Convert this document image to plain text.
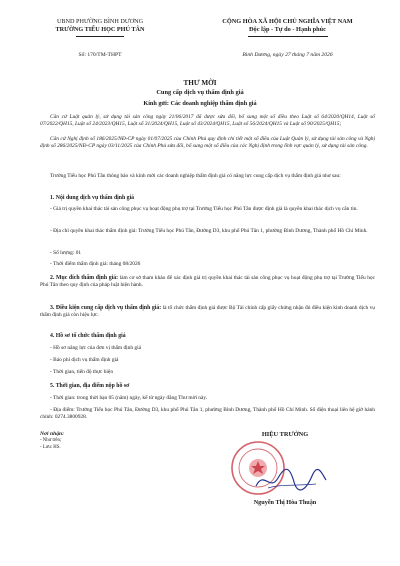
UBND PHƯỜNG BÌNH DƯƠNG
TRƯỜNG TIỂU HỌC PHÚ TÂN
CỘNG HÒA XÃ HỘI CHỦ NGHĨA VIỆT NAM
Độc lập - Tự do - Hạnh phúc
Số: 170/TM-THPT	Bình Dương, ngày 27 tháng 7 năm 2026
THƯ MỜI
Cung cấp dịch vụ thẩm định giá
Kính gửi: Các doanh nghiệp thẩm định giá

Căn cứ Luật quản lý, sử dụng tài sản công ngày 21/06/2017 đã được sửa đổi, bổ sung một số điều theo Luật số 64/2020/QH14, Luật số 07/2022/QH15, Luật số 24/2023/QH15, Luật số 31/2024/QH15, Luật số 43/2024/QH15, Luật số 56/2024/QH15 và Luật số 90/2025/QH15;

Căn cứ Nghị định số 186/2025/NĐ-CP ngày 01/07/2025 của Chính Phủ quy định chi tiết một số điều của Luật Quản lý, sử dụng tài sản công và Nghị định số 286/2025/NĐ-CP ngày 03/11/2025 của Chính Phủ sửa đổi, bổ sung một số điều của các Nghị định trong lĩnh vực quản lý, sử dụng tài sản công.

Trường Tiểu học Phú Tân thông báo và kính mời các doanh nghiệp thẩm định giá có năng lực cung cấp dịch vụ thẩm định giá như sau:

1. Nội dung dịch vụ thẩm định giá

- Giá trị quyền khai thác tài sản công phục vụ hoạt động phụ trợ tại Trường Tiểu học Phú Tân được định giá là quyền khai thác dịch vụ căn tin.

- Địa chỉ quyền khai thác thẩm định giá: Trường Tiểu học Phú Tân, Đường D3, khu phố Phú Tân 1, phường Bình Dương, Thành phố Hồ Chí Minh.

- Số lượng: 01

- Thời điểm thẩm định giá: tháng 08/2026

2. Mục đích thẩm định giá: làm cơ sở tham khảo để xác định giá trị quyền khai thác tài sản công phục vụ hoạt động phụ trợ tại Trường Tiểu học Phú Tân theo quy định của pháp luật hiện hành.

3. Điều kiện cung cấp dịch vụ thẩm định giá: là tổ chức thẩm định giá được Bộ Tài chính cấp giấy chứng nhận đủ điều kiện kinh doanh dịch vụ thẩm định giá còn hiệu lực.

4. Hồ sơ tổ chức thẩm định giá

- Hồ sơ năng lực của đơn vị thẩm định giá

- Báo phí dịch vụ thẩm định giá

- Thời gian, tiến độ thực hiện

5. Thời gian, địa điểm nộp hồ sơ

- Thời gian: trong thời hạn 05 (năm) ngày, kể từ ngày đăng Thư mời này.

- Địa điểm: Trường Tiểu học Phú Tân, Đường D3, khu phố Phú Tân 1, phường Bình Dương, Thành phố Hồ Chí Minh. Số điện thoại liên hệ giờ hành chính: 0274.3800928.

Nơi nhận:
- Như trên;
- Lưu: HS.
HIỆU TRƯỞNG
Nguyễn Thị Hòa Thuận
